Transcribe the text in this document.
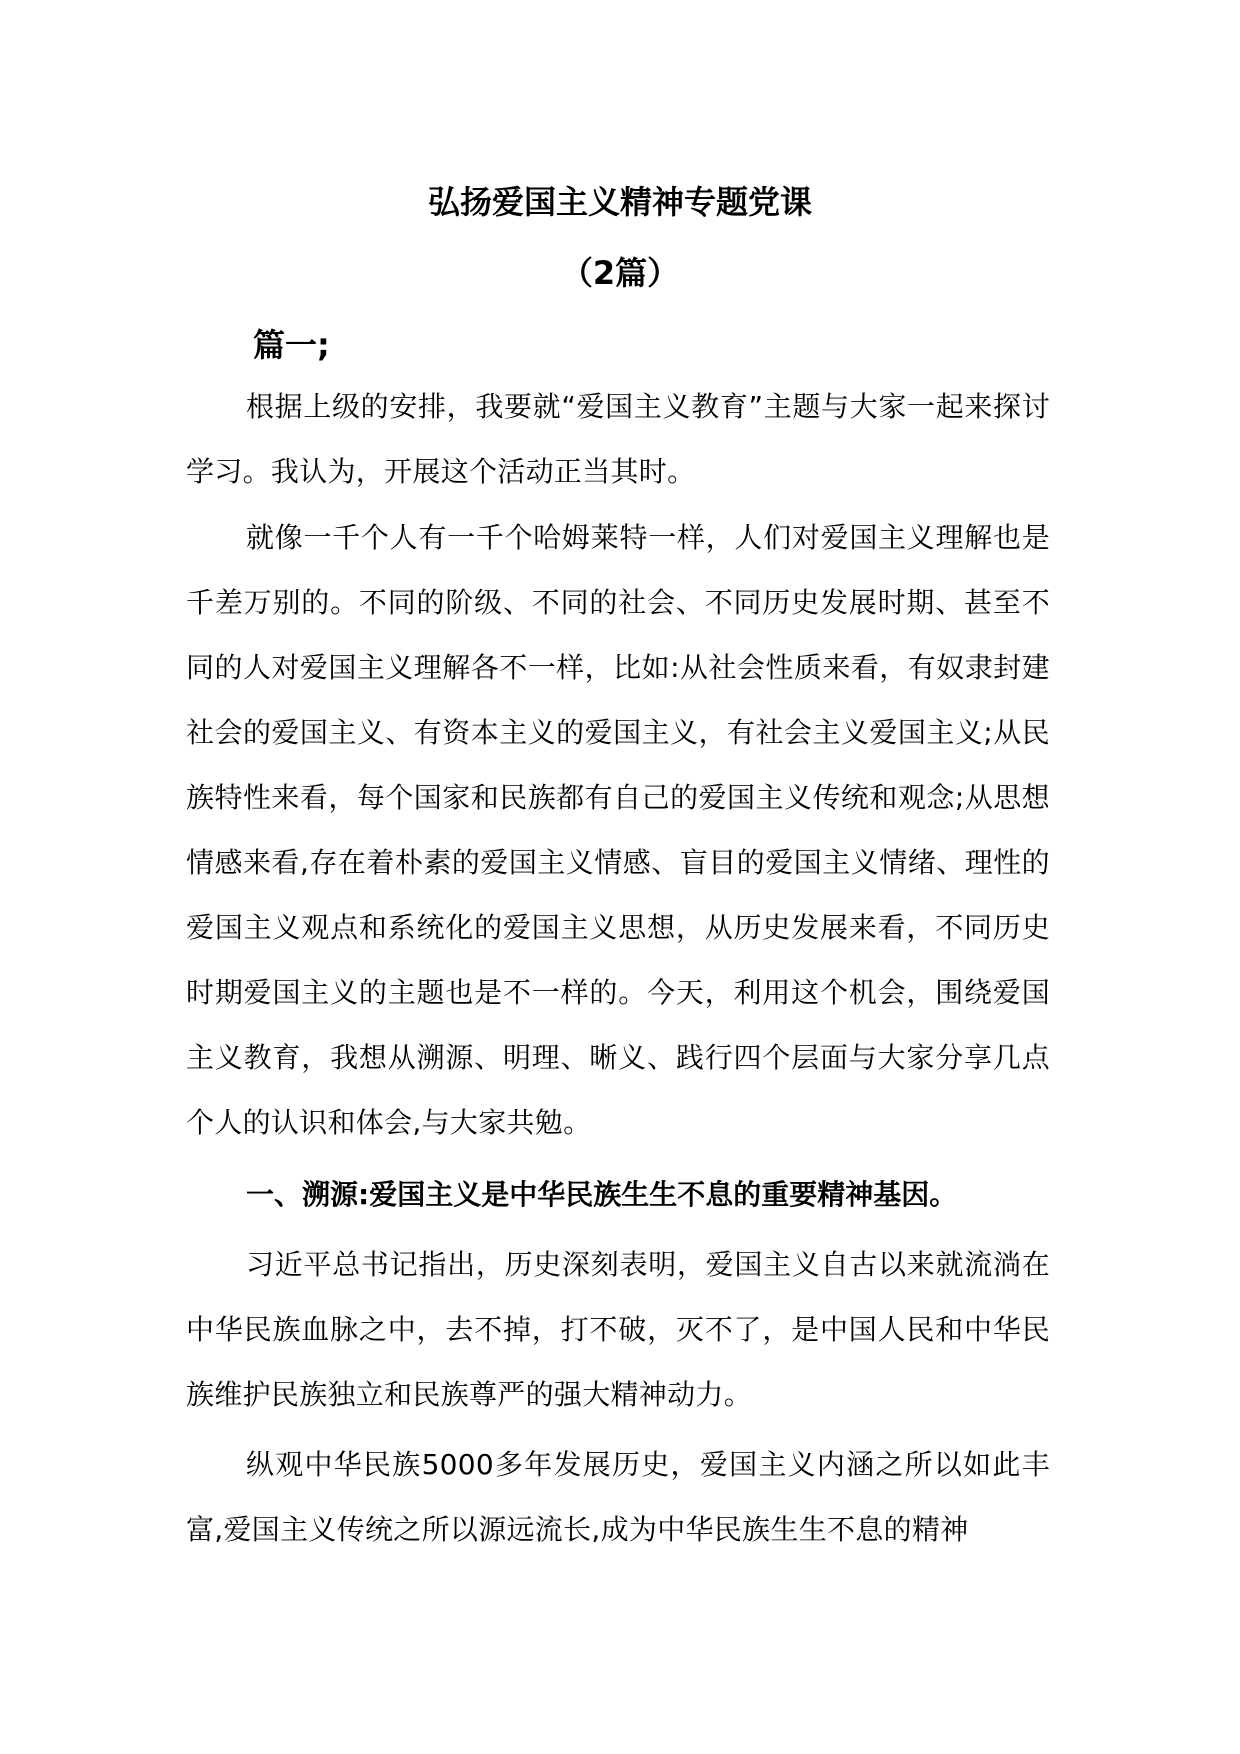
弘扬爱国主义精神专题党课
（2篇）
篇一;

根据上级的安排，我要就“爱国主义教育”主题与大家一起来探讨学习。我认为，开展这个活动正当其时。

就像一千个人有一千个哈姆莱特一样，人们对爱国主义理解也是千差万别的。不同的阶级、不同的社会、不同历史发展时期、甚至不同的人对爱国主义理解各不一样，比如:从社会性质来看，有奴隶封建社会的爱国主义、有资本主义的爱国主义，有社会主义爱国主义;从民族特性来看，每个国家和民族都有自己的爱国主义传统和观念;从思想情感来看,存在着朴素的爱国主义情感、盲目的爱国主义情绪、理性的爱国主义观点和系统化的爱国主义思想，从历史发展来看，不同历史时期爱国主义的主题也是不一样的。今天，利用这个机会，围绕爱国主义教育，我想从溯源、明理、晰义、践行四个层面与大家分享几点个人的认识和体会,与大家共勉。

一、溯源:爱国主义是中华民族生生不息的重要精神基因。

习近平总书记指出，历史深刻表明，爱国主义自古以来就流淌在中华民族血脉之中，去不掉，打不破，灭不了，是中国人民和中华民族维护民族独立和民族尊严的强大精神动力。

纵观中华民族5000多年发展历史，爱国主义内涵之所以如此丰富,爱国主义传统之所以源远流长,成为中华民族生生不息的精神
